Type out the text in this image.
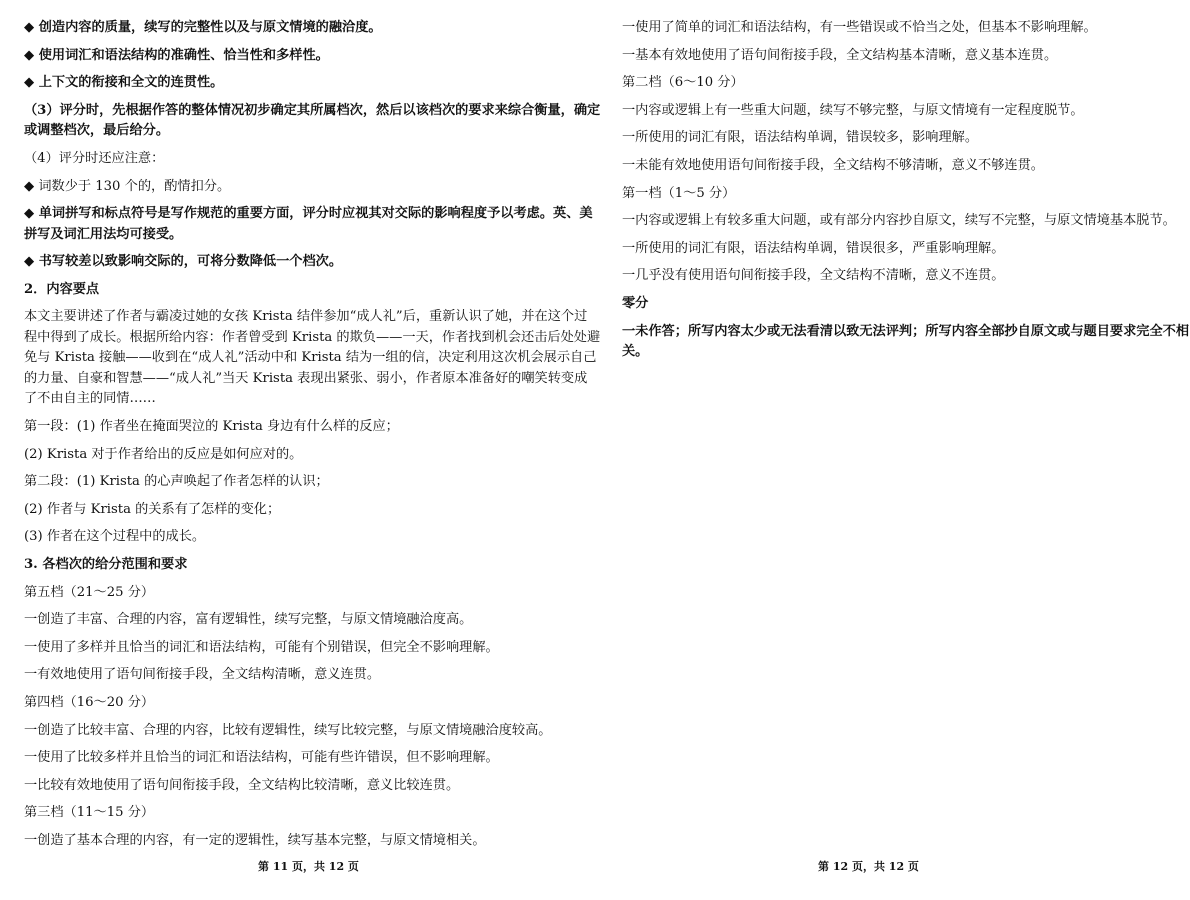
◆ 创造内容的质量，续写的完整性以及与原文情境的融洽度。
◆ 使用词汇和语法结构的准确性、恰当性和多样性。
◆ 上下文的衔接和全文的连贯性。
（3）评分时，先根据作答的整体情况初步确定其所属档次，然后以该档次的要求来综合衡量，确定
或调整档次，最后给分。
（4）评分时还应注意：
◆ 词数少于 130 个的，酌情扣分。
◆ 单词拼写和标点符号是写作规范的重要方面，评分时应视其对交际的影响程度予以考虑。英、美
拼写及词汇用法均可接受。
◆ 书写较差以致影响交际的，可将分数降低一个档次。
2．内容要点
本文主要讲述了作者与霸凌过她的女孩 Krista 结伴参加“成人礼”后，重新认识了她，并在这个过
程中得到了成长。根据所给内容：作者曾受到 Krista 的欺负——一天，作者找到机会还击后处处避
免与 Krista 接触——收到在“成人礼”活动中和 Krista 结为一组的信，决定利用这次机会展示自己
的力量、自豪和智慧——“成人礼”当天 Krista 表现出紧张、弱小，作者原本准备好的嘲笑转变成
了不由自主的同情……
第一段：(1) 作者坐在掩面哭泣的 Krista 身边有什么样的反应；
(2) Krista 对于作者给出的反应是如何应对的。
第二段：(1) Krista 的心声唤起了作者怎样的认识；
(2) 作者与 Krista 的关系有了怎样的变化；
(3) 作者在这个过程中的成长。
3. 各档次的给分范围和要求
第五档（21～25 分）
一创造了丰富、合理的内容，富有逻辑性，续写完整，与原文情境融洽度高。
一使用了多样并且恰当的词汇和语法结构，可能有个别错误，但完全不影响理解。
一有效地使用了语句间衔接手段，全文结构清晰，意义连贯。
第四档（16～20 分）
一创造了比较丰富、合理的内容，比较有逻辑性，续写比较完整，与原文情境融洽度较高。
一使用了比较多样并且恰当的词汇和语法结构，可能有些许错误，但不影响理解。
一比较有效地使用了语句间衔接手段，全文结构比较清晰，意义比较连贯。
第三档（11～15 分）
一创造了基本合理的内容，有一定的逻辑性，续写基本完整，与原文情境相关。
一使用了简单的词汇和语法结构，有一些错误或不恰当之处，但基本不影响理解。
一基本有效地使用了语句间衔接手段，全文结构基本清晰，意义基本连贯。
第二档（6～10 分）
一内容或逻辑上有一些重大问题，续写不够完整，与原文情境有一定程度脱节。
一所使用的词汇有限，语法结构单调，错误较多，影响理解。
一未能有效地使用语句间衔接手段，全文结构不够清晰，意义不够连贯。
第一档（1～5 分）
一内容或逻辑上有较多重大问题，或有部分内容抄自原文，续写不完整，与原文情境基本脱节。
一所使用的词汇有限，语法结构单调，错误很多，严重影响理解。
一几乎没有使用语句间衔接手段，全文结构不清晰，意义不连贯。
零分
一未作答；所写内容太少或无法看清以致无法评判；所写内容全部抄自原文或与题目要求完全不相
关。
第 11 页，共 12 页	第 12 页，共 12 页
